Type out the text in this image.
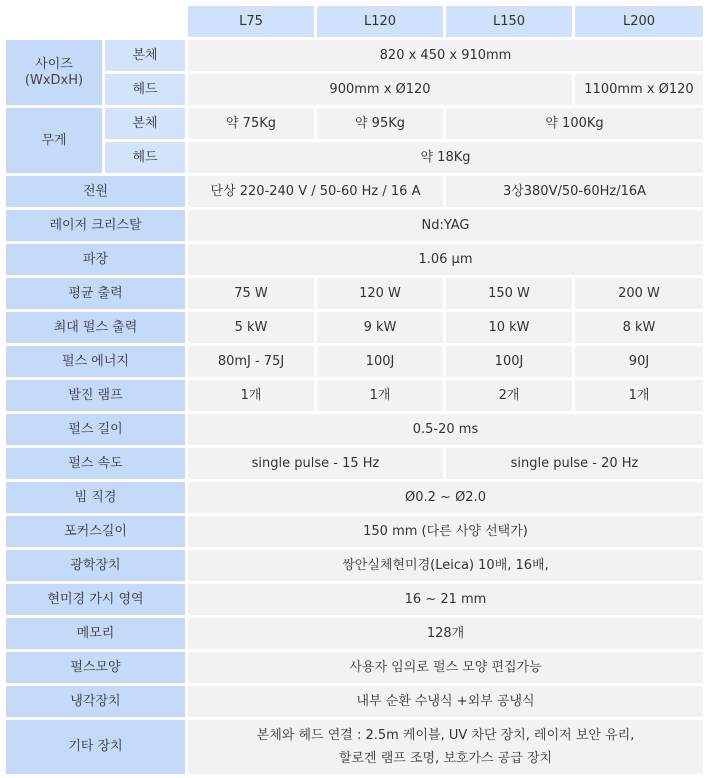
		L75	L120	L150	L200
사이즈
(WxDxH)	본체	820 x 450 x 910mm			
	헤드	900mm x Ø120			1100mm x Ø120
무게	본체	약 75Kg	약 95Kg	약 100Kg	
	헤드	약 18Kg			
전원		단상 220-240 V / 50-60 Hz / 16 A		3상380V/50-60Hz/16A	
레이저 크리스탈		Nd:YAG			
파장		1.06 µm			
평균 출력		75 W	120 W	150 W	200 W
최대 펄스 출력		5 kW	9 kW	10 kW	8 kW
펄스 에너지		80mJ - 75J	100J	100J	90J
발진 램프		1개	1개	2개	1개
펄스 길이		0.5-20 ms			
펄스 속도		single pulse - 15 Hz		single pulse - 20 Hz	
빔 직경		Ø0.2 ~ Ø2.0			
포커스길이		150 mm (다른 사양 선택가)			
광학장치		쌍안실체현미경(Leica) 10배, 16배,			
현미경 가시 영역		16 ~ 21 mm			
메모리		128개			
펄스모양		사용자 임의로 펄스 모양 편집가능			
냉각장치		내부 순환 수냉식 +외부 공냉식			
기타 장치		본체와 헤드 연결 : 2.5m 케이블, UV 차단 장치, 레이저 보안 유리,
할로겐 램프 조명, 보호가스 공급 장치			
